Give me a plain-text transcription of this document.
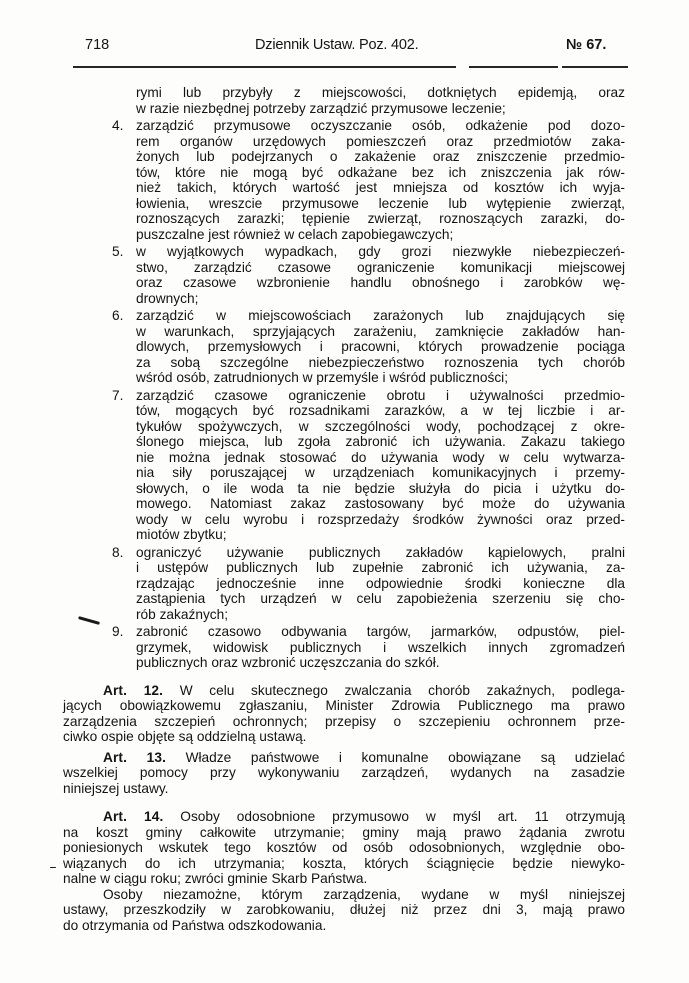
718	Dziennik Ustaw. Poz. 402.	№ 67.
rymi lub przybyły z miejscowości, dotkniętych epidemją, oraz
w razie niezbędnej potrzeby zarządzić przymusowe leczenie;
4. zarządzić przymusowe oczyszczanie osób, odkażenie pod dozo-
rem organów urzędowych pomieszczeń oraz przedmiotów zaka-
żonych lub podejrzanych o zakażenie oraz zniszczenie przedmio-
tów, które nie mogą być odkażane bez ich zniszczenia jak rów-
nież takich, których wartość jest mniejsza od kosztów ich wyja-
łowienia, wreszcie przymusowe leczenie lub wytępienie zwierząt,
roznoszących zarazki; tępienie zwierząt, roznoszących zarazki, do-
puszczalne jest również w celach zapobiegawczych;
5. w wyjątkowych wypadkach, gdy grozi niezwykłe niebezpieczeń-
stwo, zarządzić czasowe ograniczenie komunikacji miejscowej
oraz czasowe wzbronienie handlu obnośnego i zarobków wę-
drownych;
6. zarządzić w miejscowościach zarażonych lub znajdujących się
w warunkach, sprzyjających zarażeniu, zamknięcie zakładów han-
dlowych, przemysłowych i pracowni, których prowadzenie pociąga
za sobą szczególne niebezpieczeństwo roznoszenia tych chorób
wśród osób, zatrudnionych w przemyśle i wśród publiczności;
7. zarządzić czasowe ograniczenie obrotu i używalności przedmio-
tów, mogących być rozsadnikami zarazków, a w tej liczbie i ar-
tykułów spożywczych, w szczególności wody, pochodzącej z okre-
ślonego miejsca, lub zgoła zabronić ich używania. Zakazu takiego
nie można jednak stosować do używania wody w celu wytwarza-
nia siły poruszającej w urządzeniach komunikacyjnych i przemy-
słowych, o ile woda ta nie będzie służyła do picia i użytku do-
mowego. Natomiast zakaz zastosowany być może do używania
wody w celu wyrobu i rozsprzedaży środków żywności oraz przed-
miotów zbytku;
8. ograniczyć używanie publicznych zakładów kąpielowych, pralni
i ustępów publicznych lub zupełnie zabronić ich używania, za-
rządzając jednocześnie inne odpowiednie środki konieczne dla
zastąpienia tych urządzeń w celu zapobieżenia szerzeniu się cho-
rób zakaźnych;
9. zabronić czasowo odbywania targów, jarmarków, odpustów, piel-
grzymek, widowisk publicznych i wszelkich innych zgromadzeń
publicznych oraz wzbronić uczęszczania do szkół.
Art. 12. W celu skutecznego zwalczania chorób zakaźnych, podlega-
jących obowiązkowemu zgłaszaniu, Minister Zdrowia Publicznego ma prawo
zarządzenia szczepień ochronnych; przepisy o szczepieniu ochronnem prze-
ciwko ospie objęte są oddzielną ustawą.
Art. 13. Władze państwowe i komunalne obowiązane są udzielać
wszelkiej pomocy przy wykonywaniu zarządzeń, wydanych na zasadzie
niniejszej ustawy.
Art. 14. Osoby odosobnione przymusowo w myśl art. 11 otrzymują
na koszt gminy całkowite utrzymanie; gminy mają prawo żądania zwrotu
poniesionych wskutek tego kosztów od osób odosobnionych, względnie obo-
wiązanych do ich utrzymania; koszta, których ściągnięcie będzie niewyko-
nalne w ciągu roku; zwróci gminie Skarb Państwa.
Osoby niezamożne, którym zarządzenia, wydane w myśl niniejszej
ustawy, przeszkodziły w zarobkowaniu, dłużej niż przez dni 3, mają prawo
do otrzymania od Państwa odszkodowania.
